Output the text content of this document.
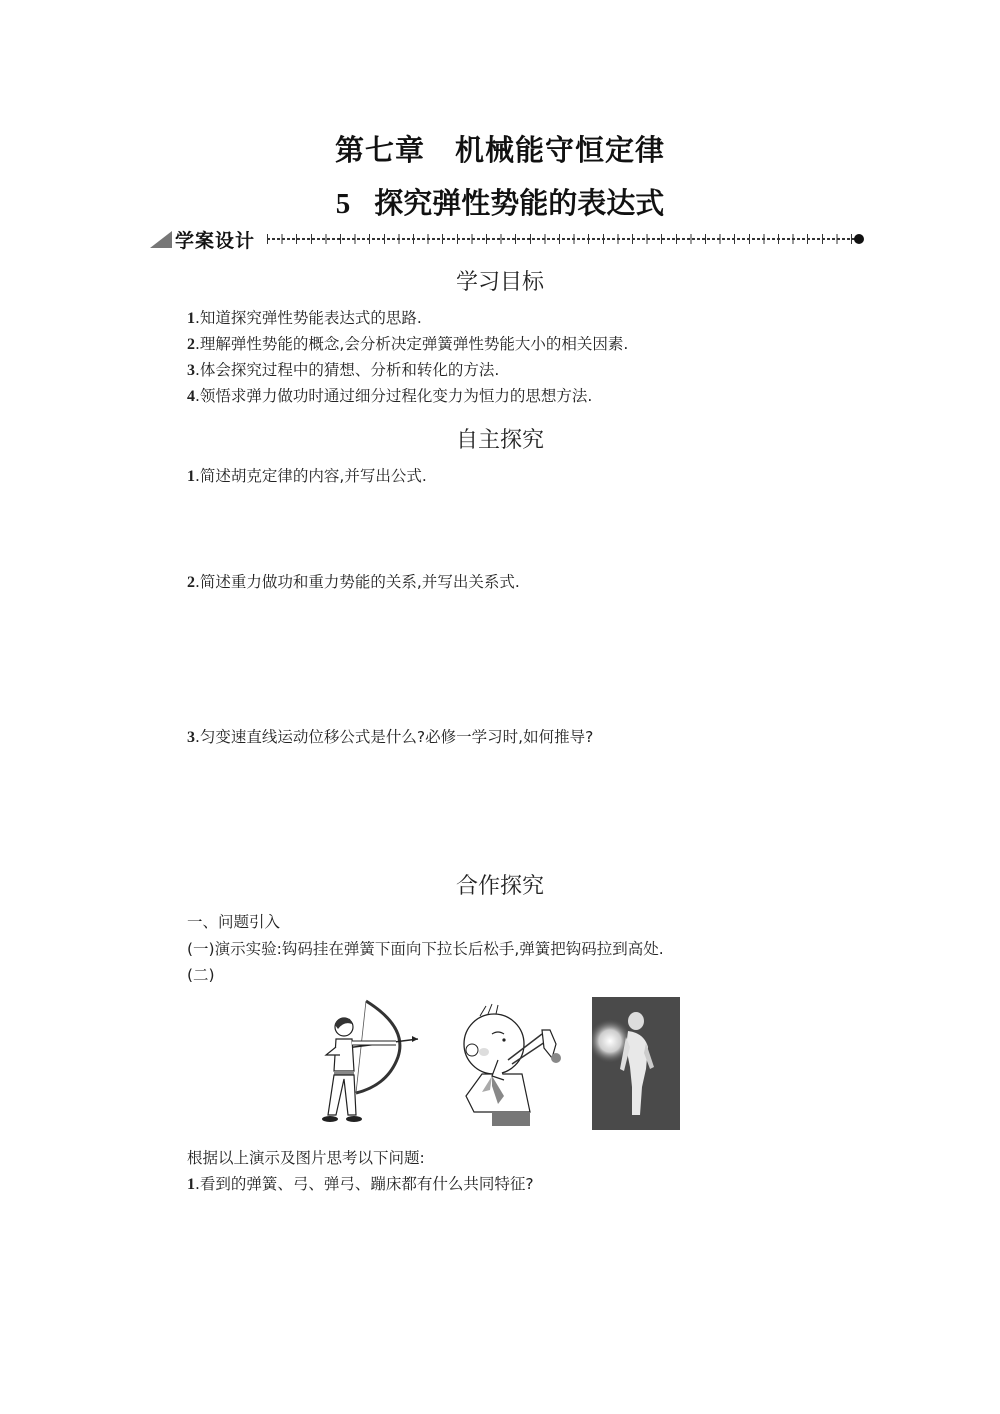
第七章　机械能守恒定律
5 探究弹性势能的表达式
学案设计
学习目标
1.知道探究弹性势能表达式的思路.
2.理解弹性势能的概念,会分析决定弹簧弹性势能大小的相关因素.
3.体会探究过程中的猜想、分析和转化的方法.
4.领悟求弹力做功时通过细分过程化变力为恒力的思想方法.
自主探究
1.简述胡克定律的内容,并写出公式.
2.简述重力做功和重力势能的关系,并写出关系式.
3.匀变速直线运动位移公式是什么?必修一学习时,如何推导?
合作探究
一、问题引入
(一)演示实验:钩码挂在弹簧下面向下拉长后松手,弹簧把钩码拉到高处.
(二)
根据以上演示及图片思考以下问题:
1.看到的弹簧、弓、弹弓、蹦床都有什么共同特征?
